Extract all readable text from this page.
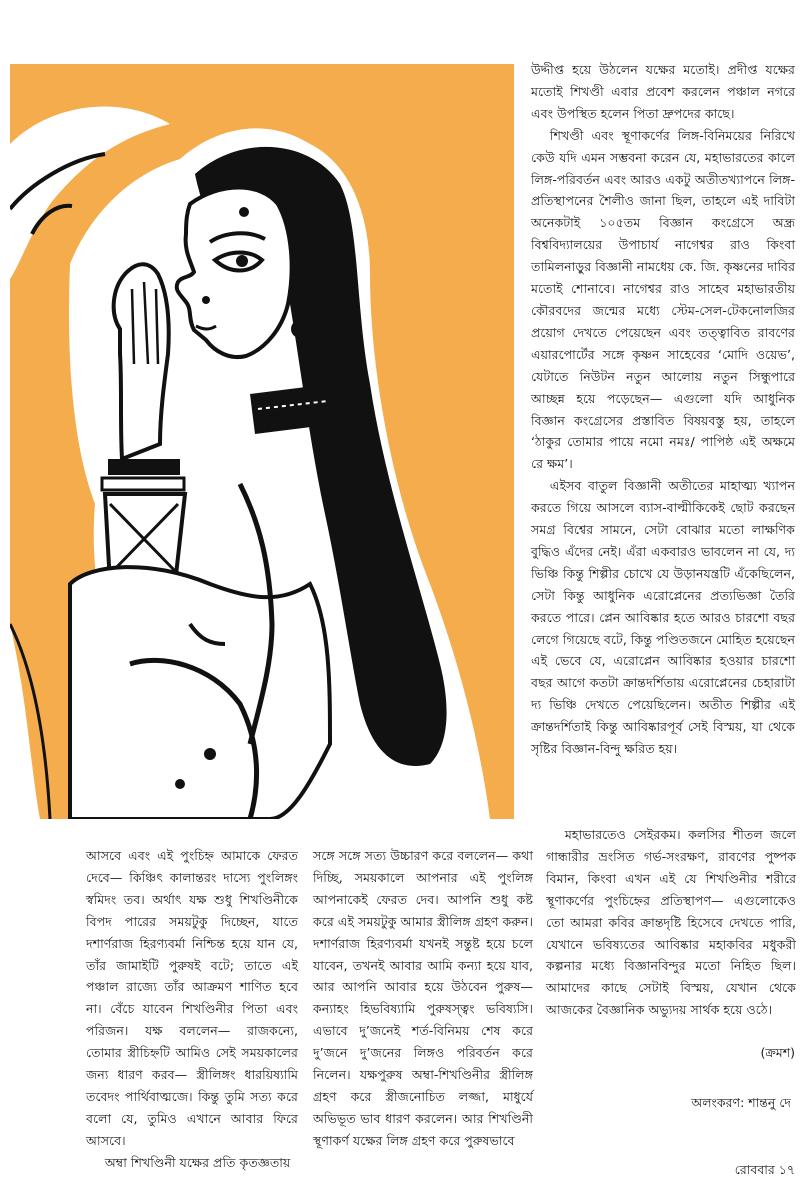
উদ্দীপ্ত হয়ে উঠলেন যক্ষের মতোই। প্রদীপ্ত যক্ষের মতোই শিখণ্ডী এবার প্রবেশ করলেন পঞ্চাল নগরে এবং উপস্থিত হলেন পিতা দ্রুপদের কাছে।

শিখণ্ডী এবং স্থূণাকর্ণের লিঙ্গ-বিনিময়ের নিরিখে কেউ যদি এমন সম্ভবনা করেন যে, মহাভারতের কালে লিঙ্গ-পরিবর্তন এবং আরও একটু অতীতখ্যাপনে লিঙ্গ-প্রতিস্থাপনের শৈলীও জানা ছিল, তাহলে এই দাবিটা অনেকটাই ১০৫তম বিজ্ঞান কংগ্রেসে অন্ধ্র বিশ্ববিদ্যালয়ের উপাচার্য নাগেশ্বর রাও কিংবা তামিলনাড়ুর বিজ্ঞানী নামধেয় কে. জি. কৃষ্ণনের দাবির মতোই শোনাবে। নাগেশ্বর রাও সাহেব মহাভারতীয় কৌরবদের জন্মের মধ্যে স্টেম-সেল-টেকনোলজির প্রয়োগ দেখতে পেয়েছেন এবং তত্ত্বাবিত রাবণের এয়ারপোর্টের সঙ্গে কৃষ্ণন সাহেবের ‘মোদি ওয়েভ’, যেটাতে নিউটন নতুন আলোয় নতুন সিন্ধুপারে আচ্ছন্ন হয়ে পড়েছেন— এগুলো যদি আধুনিক বিজ্ঞান কংগ্রেসের প্রস্তাবিত বিষয়বস্তু হয়, তাহলে ‘ঠাকুর তোমার পায়ে নমো নমঃ/ পাপিষ্ঠ এই অক্ষমে রে ক্ষম’।

এইসব বাতুল বিজ্ঞানী অতীতের মাহাত্ম্য খ্যাপন করতে গিয়ে আসলে ব্যাস-বাল্মীকিকেই ছোট করছেন সমগ্র বিশ্বের সামনে, সেটা বোঝার মতো লাক্ষণিক বুদ্ধিও এঁদের নেই। এঁরা একবারও ভাবলেন না যে, দ্য ভিঞ্চি কিন্তু শিল্পীর চোখে যে উড়ানযন্ত্রটি এঁকেছিলেন, সেটা কিন্তু আধুনিক এরোপ্লেনের প্রত্যভিজ্ঞা তৈরি করতে পারে। প্লেন আবিষ্কার হতে আরও চারশো বছর লেগে গিয়েছে বটে, কিন্তু পণ্ডিতজনে মোহিত হয়েছেন এই ভেবে যে, এরোপ্লেন আবিষ্কার হওয়ার চারশো বছর আগে কতটা ক্রান্তদর্শিতায় এরোপ্লেনের চেহারাটা দ্য ভিঞ্চি দেখতে পেয়েছিলেন। অতীত শিল্পীর এই ক্রান্তদর্শিতাই কিন্তু আবিষ্কারপূর্ব সেই বিস্ময়, যা থেকে সৃষ্টির বিজ্ঞান-বিন্দু ক্ষরিত হয়।

আসবে এবং এই পুংচিহ্ন আমাকে ফেরত দেবে— কিঞ্চিৎ কালান্তরং দাস্যে পুংলিঙ্গং স্বমিদং তব। অর্থাৎ যক্ষ শুধু শিখণ্ডিনীকে বিপদ পারের সময়টুকু দিচ্ছেন, যাতে দশার্ণরাজ হিরণ্যবর্মা নিশ্চিন্ত হয়ে যান যে, তাঁর জামাইটি পুরুষই বটে; তাতে এই পঞ্চাল রাজ্যে তাঁর আক্রমণ শাণিত হবে না। বেঁচে যাবেন শিখণ্ডিনীর পিতা এবং পরিজন। যক্ষ বললেন— রাজকন্যে, তোমার স্ত্রীচিহ্নটি আমিও সেই সময়কালের জন্য ধারণ করব— স্ত্রীলিঙ্গং ধারয়িষ্যামি তবেদং পার্থিবাত্মজে। কিন্তু তুমি সত্য করে বলো যে, তুমিও এখানে আবার ফিরে আসবে।

অম্বা শিখণ্ডিনী যক্ষের প্রতি কৃতজ্ঞতায়

সঙ্গে সঙ্গে সত্য উচ্চারণ করে বললেন— কথা দিচ্ছি, সময়কালে আপনার এই পুংলিঙ্গ আপনাকেই ফেরত দেব। আপনি শুধু কষ্ট করে এই সময়টুকু আমার স্ত্রীলিঙ্গ গ্রহণ করুন। দশার্ণরাজ হিরণ্যবর্মা যখনই সন্তুষ্ট হয়ে চলে যাবেন, তখনই আবার আমি কন্যা হয়ে যাব, আর আপনি আবার হয়ে উঠবেন পুরুষ— কন্যাহং হিভবিষ্যামি পুরুষস্ত্বং ভবিষ্যসি। এভাবে দু’জনেই শর্ত-বিনিময় শেষ করে দু’জনে দু’জনের লিঙ্গও পরিবর্তন করে নিলেন। যক্ষপুরুষ অম্বা-শিখণ্ডিনীর স্ত্রীলিঙ্গ গ্রহণ করে স্ত্রীজনোচিত লজ্জা, মাধুর্যে অভিভূত ভাব ধারণ করলেন। আর শিখণ্ডিনী স্থূণাকর্ণ যক্ষের লিঙ্গ গ্রহণ করে পুরুষভাবে

মহাভারতেও সেইরকম। কলসির শীতল জলে গান্ধারীর ভ্রংসিত গর্ভ-সংরক্ষণ, রাবণের পুষ্পক বিমান, কিংবা এখন এই যে শিখণ্ডিনীর শরীরে স্থূণাকর্ণের পুংচিহ্নের প্রতিস্থাপণ— এগুলোকেও তো আমরা কবির ক্রান্তদৃষ্টি হিসেবে দেখতে পারি, যেখানে ভবিষ্যতের আবিষ্কার মহাকবির মধুকরী কল্পনার মধ্যে বিজ্ঞানবিন্দুর মতো নিহিত ছিল। আমাদের কাছে সেটাই বিস্ময়, যেখান থেকে আজকের বৈজ্ঞানিক অভ্যুদয় সার্থক হয়ে ওঠে।

(ক্রমশ)
অলংকরণ: শান্তনু দে
রোববার ১৭
